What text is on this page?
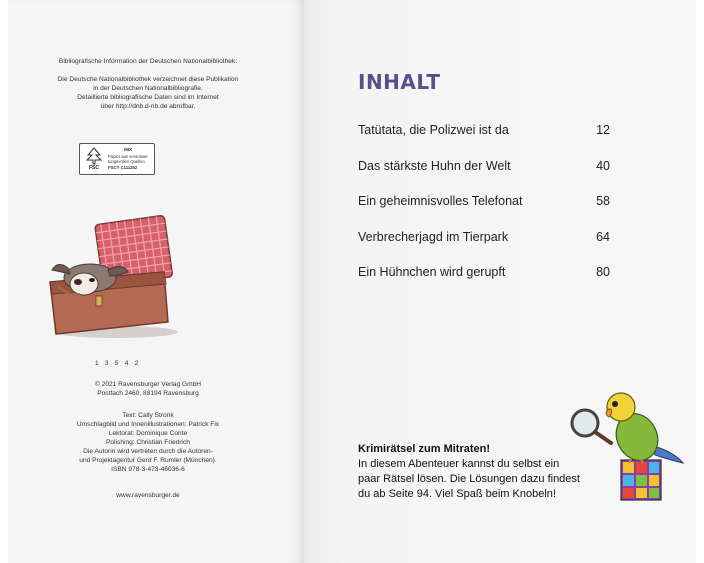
Bibliografische Information der Deutschen Nationalbibliothek:
Die Deutsche Nationalbibliothek verzeichnet diese Publikation
in der Deutschen Nationalbibliografie.
Detaillierte bibliografische Daten sind im Internet
über http://dnb.d-nb.de abrufbar.
FSC
MIX
Papier aus verantwor-
tungsvollen Quellen
FSC® C111262
1 3 5 4 2
© 2021 Ravensburger Verlag GmbH
Postfach 2460, 88194 Ravensburg
Text: Cally Stronk
Umschlagbild und Innenillustrationen: Patrick Fix
Lektorat: Dominique Conte
Polishing: Christian Friedrich
Die Autorin wird vertreten durch die Autoren-
und Projektagentur Gerd F. Rumler (München).
ISBN 978-3-473-46036-6
www.ravensburger.de
INHALT
Tatütata, die Polizwei ist da	12
Das stärkste Huhn der Welt	40
Ein geheimnisvolles Telefonat	58
Verbrecherjagd im Tierpark	64
Ein Hühnchen wird gerupft	80
Krimirätsel zum Mitraten!
In diesem Abenteuer kannst du selbst ein
paar Rätsel lösen. Die Lösungen dazu findest
du ab Seite 94. Viel Spaß beim Knobeln!
